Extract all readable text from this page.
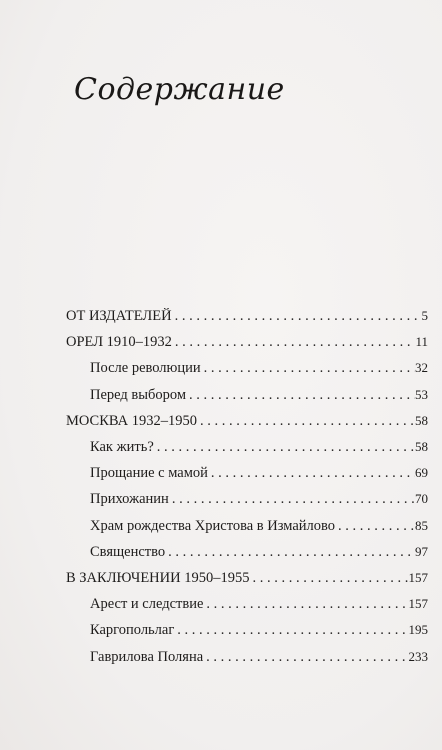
Содержание
ОТ ИЗДАТЕЛЕЙ . . .	5
ОРЕЛ 1910–1932 . . .	11
После революции . . .	32
Перед выбором . . .	53
МОСКВА 1932–1950 . . .	58
Как жить? . . .	58
Прощание с мамой . . .	69
Прихожанин . . .	70
Храм рождества Христова в Измайлово . . .	85
Священство . . .	97
В ЗАКЛЮЧЕНИИ 1950–1955 . . .	157
Арест и следствие . . .	157
Каргопольлаг . . .	195
Гаврилова Поляна . . .	233
